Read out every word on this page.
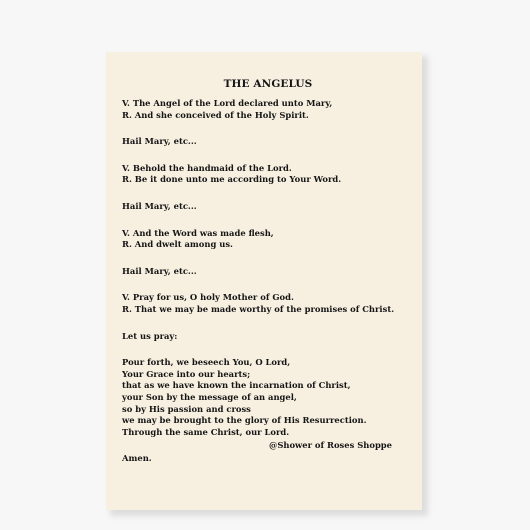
THE ANGELUS
V. The Angel of the Lord declared unto Mary,
R. And she conceived of the Holy Spirit.
Hail Mary, etc...
V. Behold the handmaid of the Lord.
R. Be it done unto me according to Your Word.
Hail Mary, etc...
V. And the Word was made flesh,
R. And dwelt among us.
Hail Mary, etc...
V. Pray for us, O holy Mother of God.
R. That we may be made worthy of the promises of Christ.
Let us pray:
Pour forth, we beseech You, O Lord,
Your Grace into our hearts;
that as we have known the incarnation of Christ,
your Son by the message of an angel,
so by His passion and cross
we may be brought to the glory of His Resurrection.
Through the same Christ, our Lord.
Amen.
@Shower of Roses Shoppe
